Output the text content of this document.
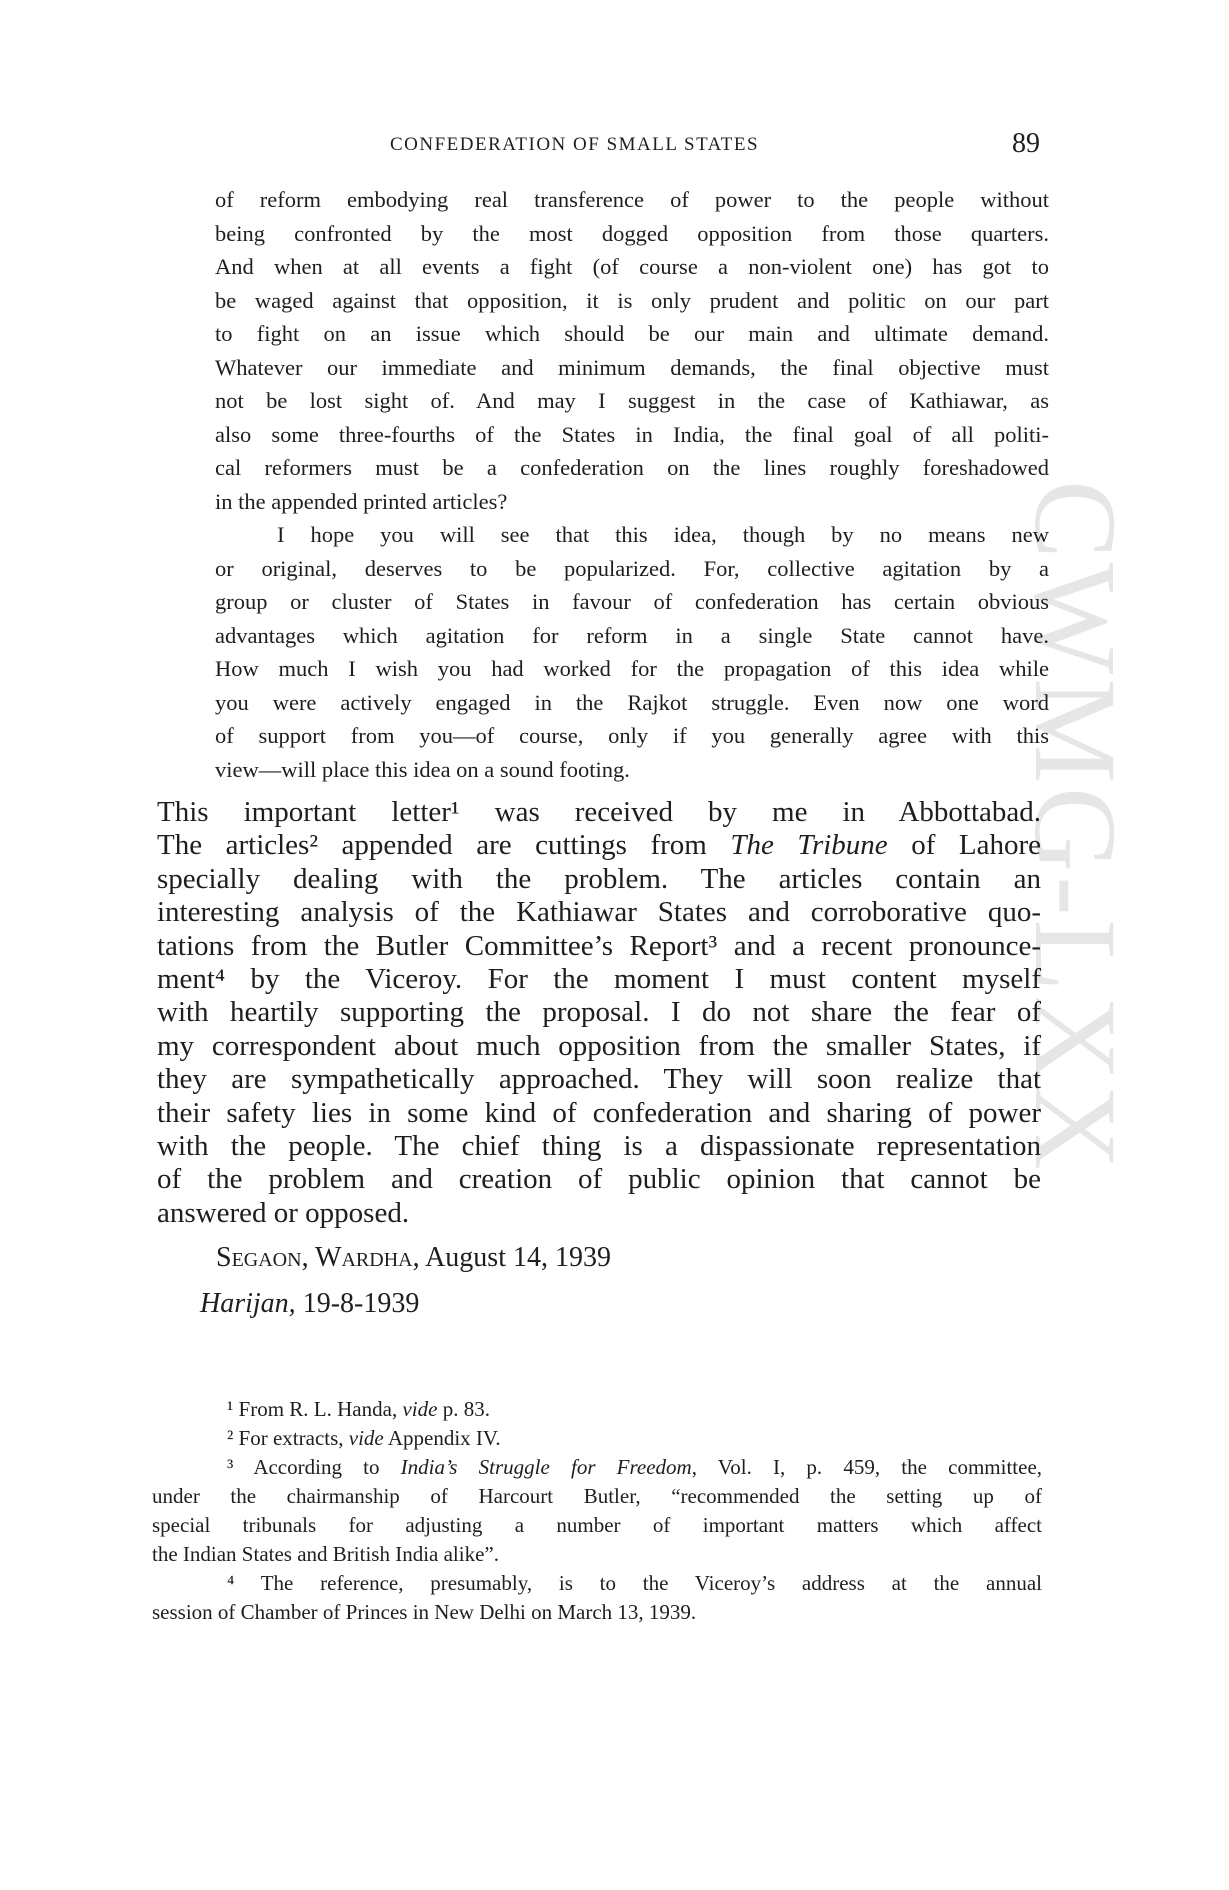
CONFEDERATION OF SMALL STATES	89
CWMG-LXX
of reform embodying real transference of power to the people without
being confronted by the most dogged opposition from those quarters.
And when at all events a fight (of course a non-violent one) has got to
be waged against that opposition, it is only prudent and politic on our part
to fight on an issue which should be our main and ultimate demand.
Whatever our immediate and minimum demands, the final objective must
not be lost sight of. And may I suggest in the case of Kathiawar, as
also some three-fourths of the States in India, the final goal of all politi-
cal reformers must be a confederation on the lines roughly foreshadowed
in the appended printed articles?
I hope you will see that this idea, though by no means new
or original, deserves to be popularized. For, collective agitation by a
group or cluster of States in favour of confederation has certain obvious
advantages which agitation for reform in a single State cannot have.
How much I wish you had worked for the propagation of this idea while
you were actively engaged in the Rajkot struggle. Even now one word
of support from you—of course, only if you generally agree with this
view—will place this idea on a sound footing.
This important letter¹ was received by me in Abbottabad.
The articles² appended are cuttings from The Tribune of Lahore
specially dealing with the problem. The articles contain an
interesting analysis of the Kathiawar States and corroborative quo-
tations from the Butler Committee’s Report³ and a recent pronounce-
ment⁴ by the Viceroy. For the moment I must content myself
with heartily supporting the proposal. I do not share the fear of
my correspondent about much opposition from the smaller States, if
they are sympathetically approached. They will soon realize that
their safety lies in some kind of confederation and sharing of power
with the people. The chief thing is a dispassionate representation
of the problem and creation of public opinion that cannot be
answered or opposed.
Segaon, Wardha, August 14, 1939
Harijan, 19-8-1939
¹ From R. L. Handa, vide p. 83.
² For extracts, vide Appendix IV.
³ According to India’s Struggle for Freedom, Vol. I, p. 459, the committee,
under the chairmanship of Harcourt Butler, “recommended the setting up of
special tribunals for adjusting a number of important matters which affect
the Indian States and British India alike”.
⁴ The reference, presumably, is to the Viceroy’s address at the annual
session of Chamber of Princes in New Delhi on March 13, 1939.
